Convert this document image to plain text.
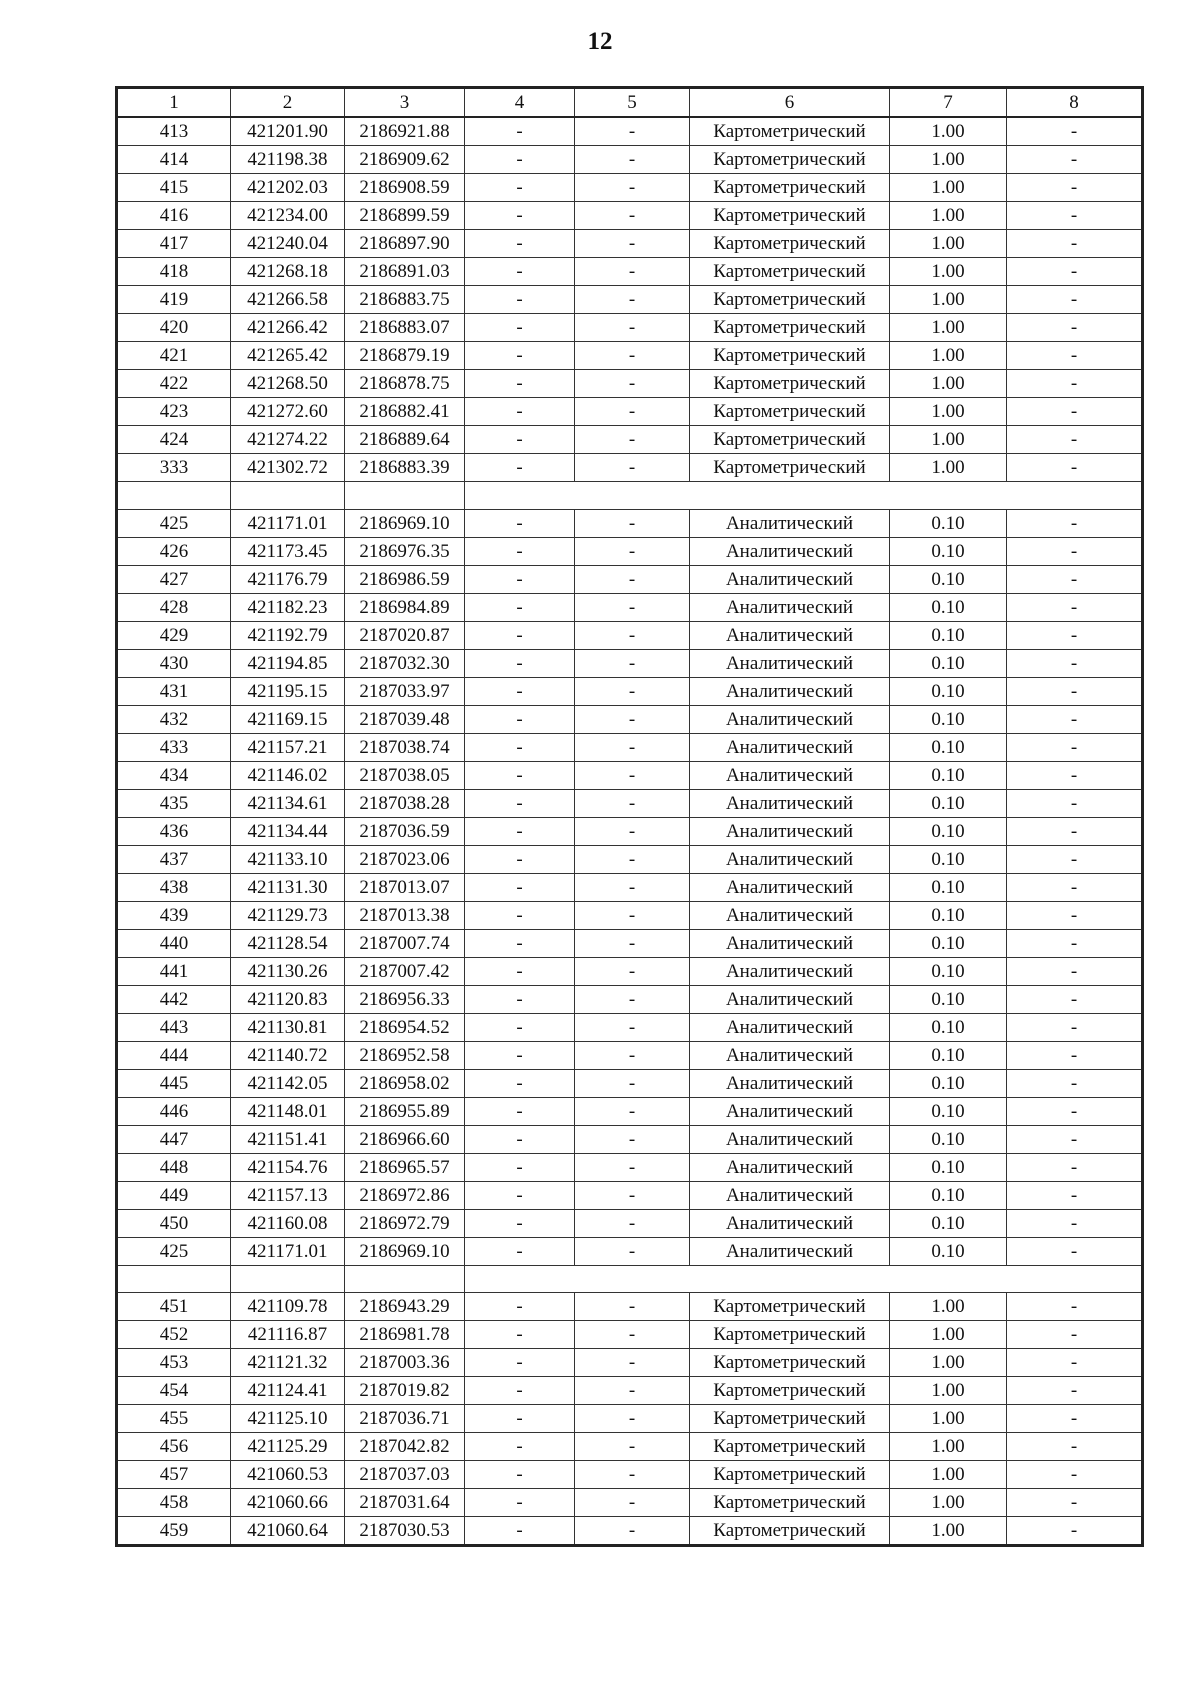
12
1	2	3	4	5	6	7	8
413	421201.90	2186921.88	-	-	Картометрический	1.00	-
414	421198.38	2186909.62	-	-	Картометрический	1.00	-
415	421202.03	2186908.59	-	-	Картометрический	1.00	-
416	421234.00	2186899.59	-	-	Картометрический	1.00	-
417	421240.04	2186897.90	-	-	Картометрический	1.00	-
418	421268.18	2186891.03	-	-	Картометрический	1.00	-
419	421266.58	2186883.75	-	-	Картометрический	1.00	-
420	421266.42	2186883.07	-	-	Картометрический	1.00	-
421	421265.42	2186879.19	-	-	Картометрический	1.00	-
422	421268.50	2186878.75	-	-	Картометрический	1.00	-
423	421272.60	2186882.41	-	-	Картометрический	1.00	-
424	421274.22	2186889.64	-	-	Картометрический	1.00	-
333	421302.72	2186883.39	-	-	Картометрический	1.00	-

425	421171.01	2186969.10	-	-	Аналитический	0.10	-
426	421173.45	2186976.35	-	-	Аналитический	0.10	-
427	421176.79	2186986.59	-	-	Аналитический	0.10	-
428	421182.23	2186984.89	-	-	Аналитический	0.10	-
429	421192.79	2187020.87	-	-	Аналитический	0.10	-
430	421194.85	2187032.30	-	-	Аналитический	0.10	-
431	421195.15	2187033.97	-	-	Аналитический	0.10	-
432	421169.15	2187039.48	-	-	Аналитический	0.10	-
433	421157.21	2187038.74	-	-	Аналитический	0.10	-
434	421146.02	2187038.05	-	-	Аналитический	0.10	-
435	421134.61	2187038.28	-	-	Аналитический	0.10	-
436	421134.44	2187036.59	-	-	Аналитический	0.10	-
437	421133.10	2187023.06	-	-	Аналитический	0.10	-
438	421131.30	2187013.07	-	-	Аналитический	0.10	-
439	421129.73	2187013.38	-	-	Аналитический	0.10	-
440	421128.54	2187007.74	-	-	Аналитический	0.10	-
441	421130.26	2187007.42	-	-	Аналитический	0.10	-
442	421120.83	2186956.33	-	-	Аналитический	0.10	-
443	421130.81	2186954.52	-	-	Аналитический	0.10	-
444	421140.72	2186952.58	-	-	Аналитический	0.10	-
445	421142.05	2186958.02	-	-	Аналитический	0.10	-
446	421148.01	2186955.89	-	-	Аналитический	0.10	-
447	421151.41	2186966.60	-	-	Аналитический	0.10	-
448	421154.76	2186965.57	-	-	Аналитический	0.10	-
449	421157.13	2186972.86	-	-	Аналитический	0.10	-
450	421160.08	2186972.79	-	-	Аналитический	0.10	-
425	421171.01	2186969.10	-	-	Аналитический	0.10	-

451	421109.78	2186943.29	-	-	Картометрический	1.00	-
452	421116.87	2186981.78	-	-	Картометрический	1.00	-
453	421121.32	2187003.36	-	-	Картометрический	1.00	-
454	421124.41	2187019.82	-	-	Картометрический	1.00	-
455	421125.10	2187036.71	-	-	Картометрический	1.00	-
456	421125.29	2187042.82	-	-	Картометрический	1.00	-
457	421060.53	2187037.03	-	-	Картометрический	1.00	-
458	421060.66	2187031.64	-	-	Картометрический	1.00	-
459	421060.64	2187030.53	-	-	Картометрический	1.00	-
